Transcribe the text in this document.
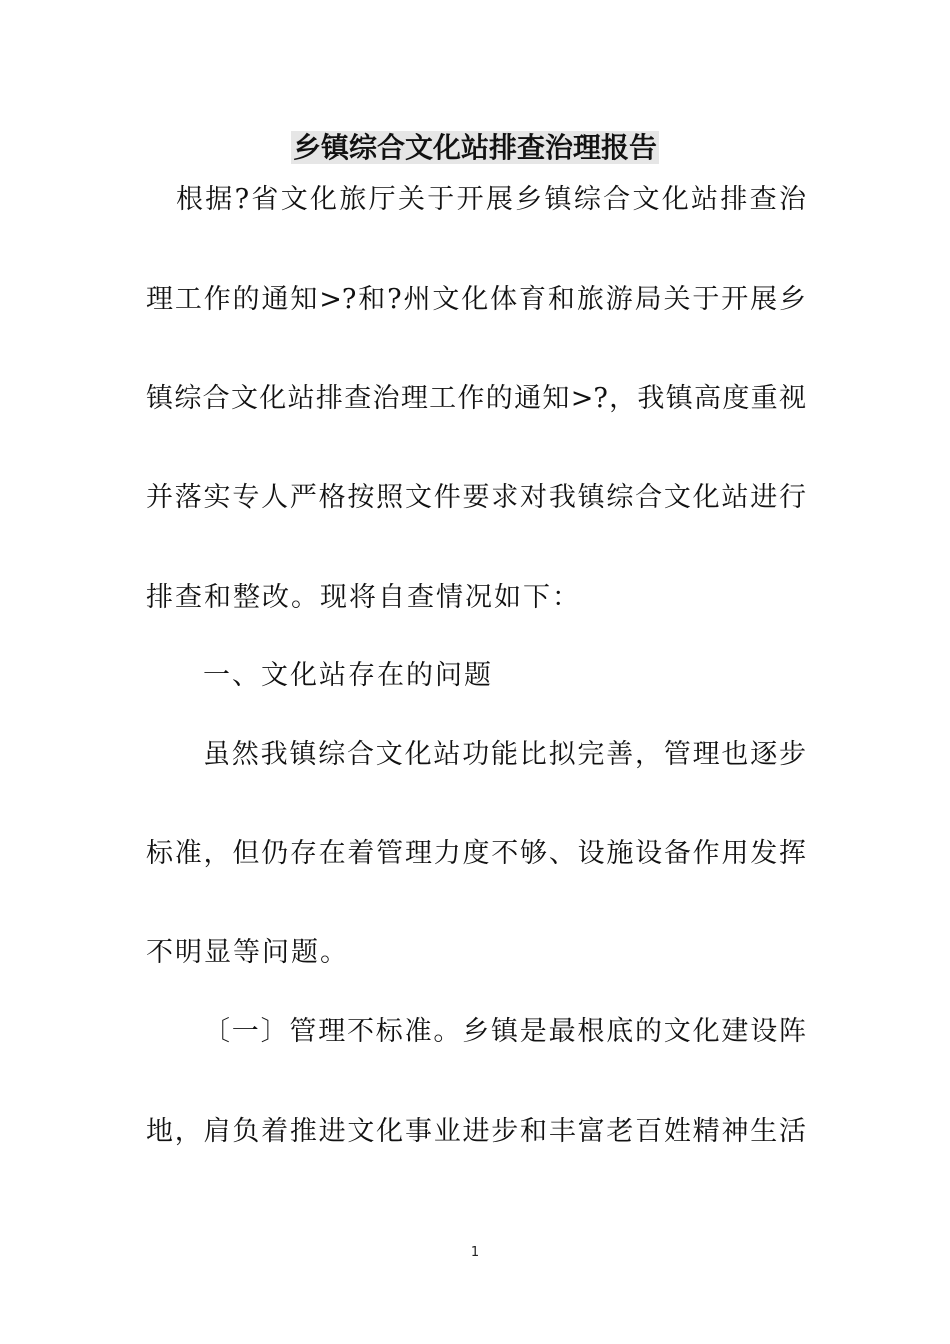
乡镇综合文化站排查治理报告
根据?省文化旅厅关于开展乡镇综合文化站排查治
理工作的通知>?和?州文化体育和旅游局关于开展乡
镇综合文化站排查治理工作的通知>?，我镇高度重视
并落实专人严格按照文件要求对我镇综合文化站进行
排查和整改。现将自查情况如下：
一、文化站存在的问题
虽然我镇综合文化站功能比拟完善，管理也逐步
标准，但仍存在着管理力度不够、设施设备作用发挥
不明显等问题。
〔一〕管理不标准。乡镇是最根底的文化建设阵
地，肩负着推进文化事业进步和丰富老百姓精神生活
1
